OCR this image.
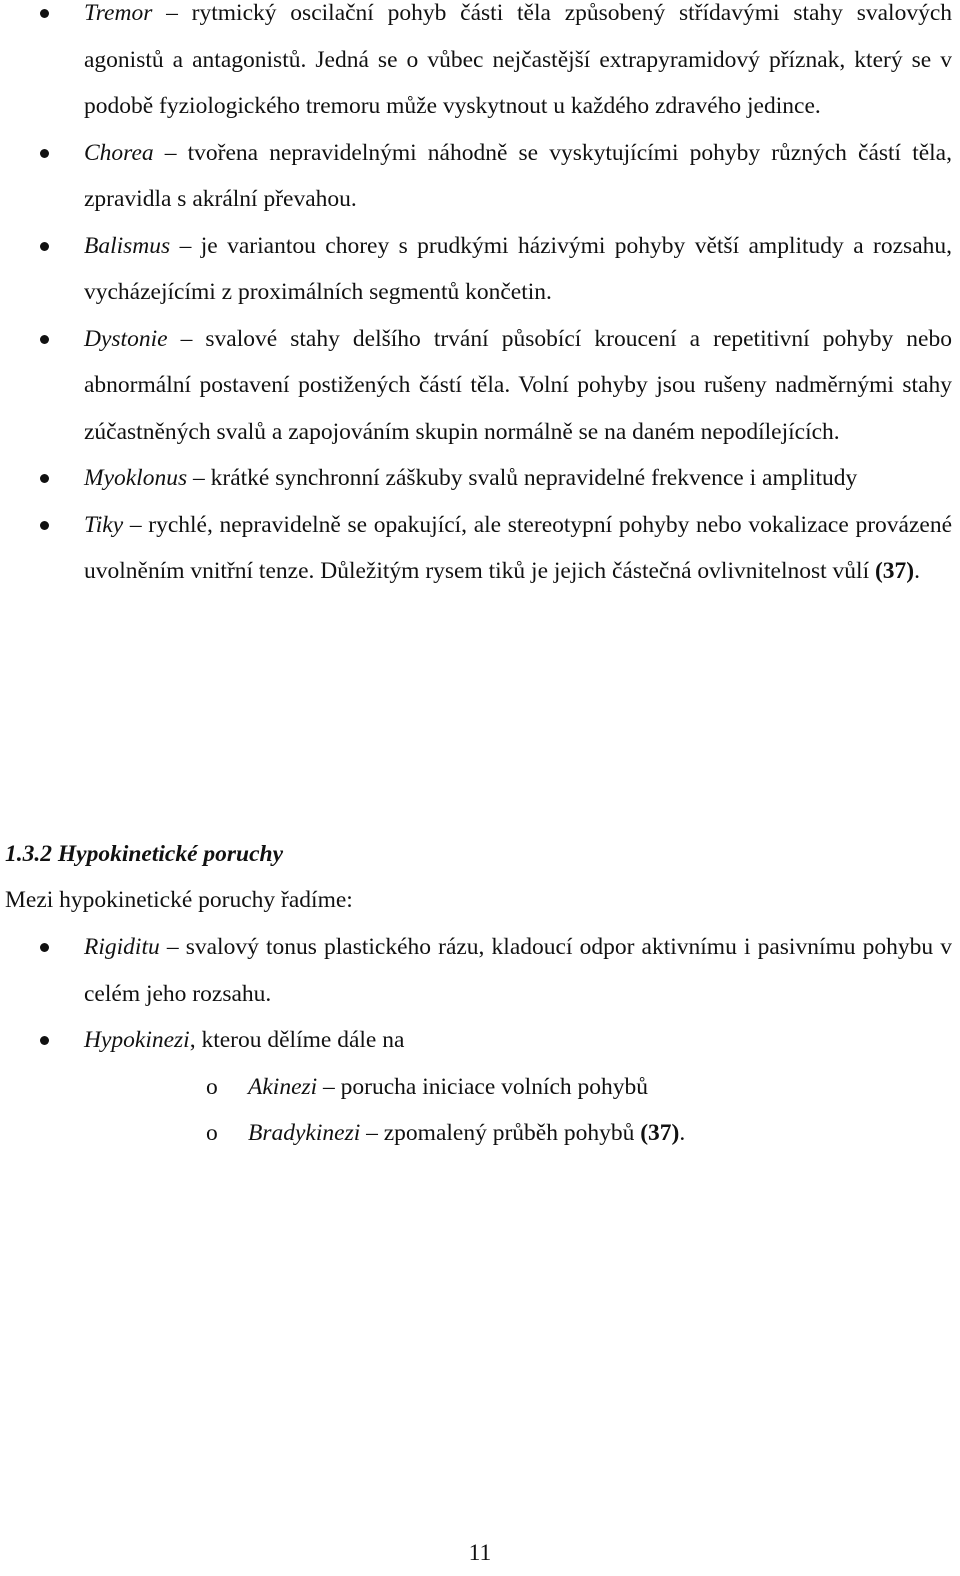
Tremor – rytmický oscilační pohyb části těla způsobený střídavými stahy svalových agonistů a antagonistů. Jedná se o vůbec nejčastější extrapyramidový příznak, který se v podobě fyziologického tremoru může vyskytnout u každého zdravého jedince.
Chorea – tvořena nepravidelnými náhodně se vyskytujícími pohyby různých částí těla, zpravidla s akrální převahou.
Balismus – je variantou chorey s prudkými házivými pohyby větší amplitudy a rozsahu, vycházejícími z proximálních segmentů končetin.
Dystonie – svalové stahy delšího trvání působící kroucení a repetitivní pohyby nebo abnormální postavení postižených částí těla. Volní pohyby jsou rušeny nadměrnými stahy zúčastněných svalů a zapojováním skupin normálně se na daném nepodílejících.
Myoklonus – krátké synchronní záškuby svalů nepravidelné frekvence i amplitudy
Tiky – rychlé, nepravidelně se opakující, ale stereotypní pohyby nebo vokalizace provázené uvolněním vnitřní tenze. Důležitým rysem tiků je jejich částečná ovlivnitelnost vůlí (37).
1.3.2 Hypokinetické poruchy

Mezi hypokinetické poruchy řadíme:

Rigiditu – svalový tonus plastického rázu, kladoucí odpor aktivnímu i pasivnímu pohybu v celém jeho rozsahu.
Hypokinezi, kterou dělíme dále na
o Akinezi – porucha iniciace volních pohybů
o Bradykinezi – zpomalený průběh pohybů (37).
11
